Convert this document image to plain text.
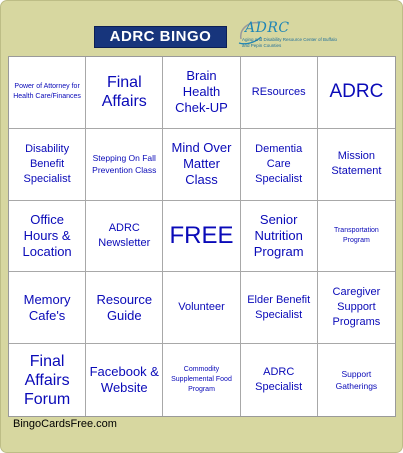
ADRC BINGO	ADRC
Aging and Disability Resource Center of Buffalo and Pepin Counties
Power of Attorney for Health Care/Finances
Final Affairs
Brain Health Chek-UP
REsources ADRC
Disability Benefit Specialist
Stepping On Fall Prevention Class
Mind Over Matter Class
Dementia Care Specialist
Mission Statement
Office Hours & Location
ADRC Newsletter FREE
Senior Nutrition Program
Transportation Program
Memory Cafe's
Resource Guide
Volunteer
Elder Benefit Specialist
Caregiver Support Programs
Final Affairs Forum
Facebook & Website
Commodity Supplemental Food Program
ADRC Specialist
Support Gatherings
BingoCardsFree.com
